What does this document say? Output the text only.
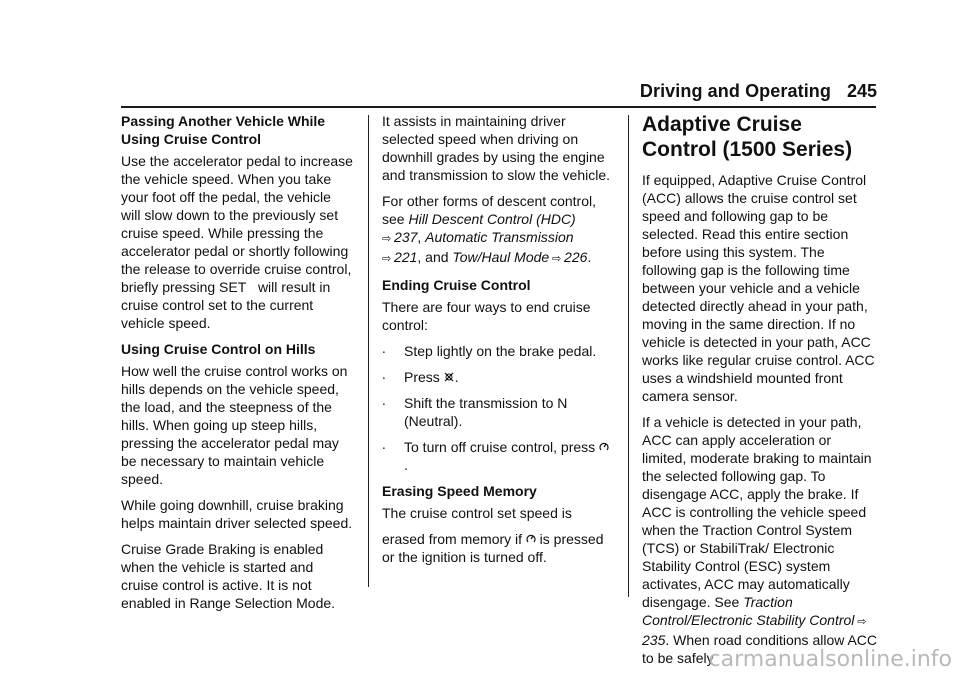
Driving and Operating 245

Passing Another Vehicle While Using Cruise Control

Use the accelerator pedal to increase the vehicle speed. When you take your foot off the pedal, the vehicle will slow down to the previously set cruise speed. While pressing the accelerator pedal or shortly following the release to override cruise control, briefly pressing SET   will result in cruise control set to the current vehicle speed.

Using Cruise Control on Hills

How well the cruise control works on hills depends on the vehicle speed, the load, and the steepness of the hills. When going up steep hills, pressing the accelerator pedal may be necessary to maintain vehicle speed.

While going downhill, cruise braking helps maintain driver selected speed.

Cruise Grade Braking is enabled when the vehicle is started and cruise control is active. It is not enabled in Range Selection Mode.

It assists in maintaining driver selected speed when driving on downhill grades by using the engine and transmission to slow the vehicle.

For other forms of descent control, see Hill Descent Control (HDC)
⇨  237, Automatic Transmission
⇨  221, and Tow/Haul Mode  ⇨  226.

Ending Cruise Control

There are four ways to end cruise control:

∙ Step lightly on the brake pedal.
∙ Press  .
∙ Shift the transmission to N (Neutral).
∙ To turn off cruise control, press .

Erasing Speed Memory

The cruise control set speed is

erased from memory if   is pressed or the ignition is turned off.

Adaptive Cruise Control (1500 Series)

If equipped, Adaptive Cruise Control (ACC) allows the cruise control set speed and following gap to be selected. Read this entire section before using this system. The following gap is the following time between your vehicle and a vehicle detected directly ahead in your path, moving in the same direction. If no vehicle is detected in your path, ACC works like regular cruise control. ACC uses a windshield mounted front camera sensor.

If a vehicle is detected in your path, ACC can apply acceleration or limited, moderate braking to maintain the selected following gap. To disengage ACC, apply the brake. If ACC is controlling the vehicle speed when the Traction Control System (TCS) or StabiliTrak/ Electronic Stability Control (ESC) system activates, ACC may automatically disengage. See Traction Control/Electronic Stability Control  ⇨ 235. When road conditions allow ACC to be safely

carmanualsonline.info
